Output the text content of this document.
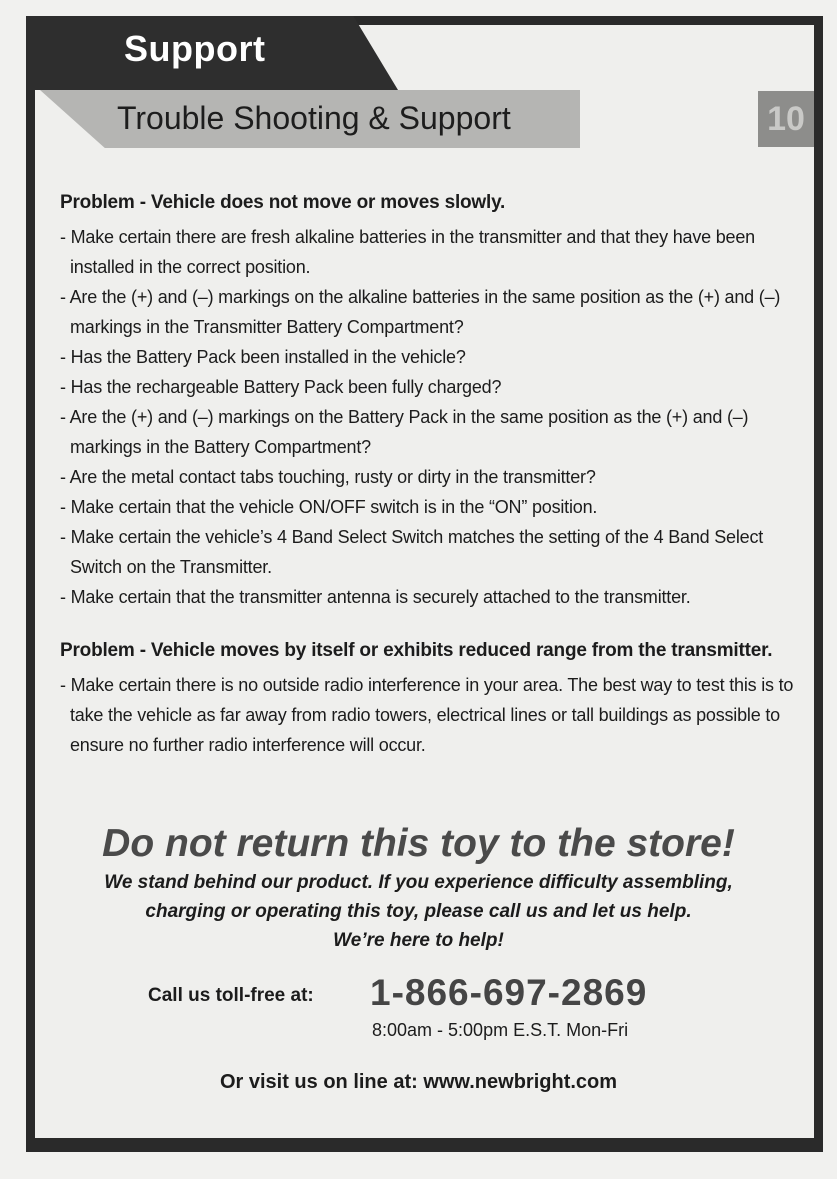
Support
Trouble Shooting & Support	10

Problem - Vehicle does not move or moves slowly.

- Make certain there are fresh alkaline batteries in the transmitter and that they have been installed in the correct position.

- Are the (+) and (–) markings on the alkaline batteries in the same position as the (+) and (–) markings in the Transmitter Battery Compartment?

- Has the Battery Pack been installed in the vehicle?

- Has the rechargeable Battery Pack been fully charged?

- Are the (+) and (–) markings on the Battery Pack in the same position as the (+) and (–) markings in the Battery Compartment?

- Are the metal contact tabs touching, rusty or dirty in the transmitter?

- Make certain that the vehicle ON/OFF switch is in the “ON” position.

- Make certain the vehicle’s 4 Band Select Switch matches the setting of the 4 Band Select Switch on the Transmitter.

- Make certain that the transmitter antenna is securely attached to the transmitter.

Problem - Vehicle moves by itself or exhibits reduced range from the transmitter.

- Make certain there is no outside radio interference in your area. The best way to test this is to take the vehicle as far away from radio towers, electrical lines or tall buildings as possible to ensure no further radio interference will occur.

Do not return this toy to the store!
We stand behind our product. If you experience difficulty assembling,
charging or operating this toy, please call us and let us help.
We’re here to help!
Call us toll-free at: 1-866-697-2869
8:00am - 5:00pm E.S.T. Mon-Fri
Or visit us on line at: www.newbright.com
